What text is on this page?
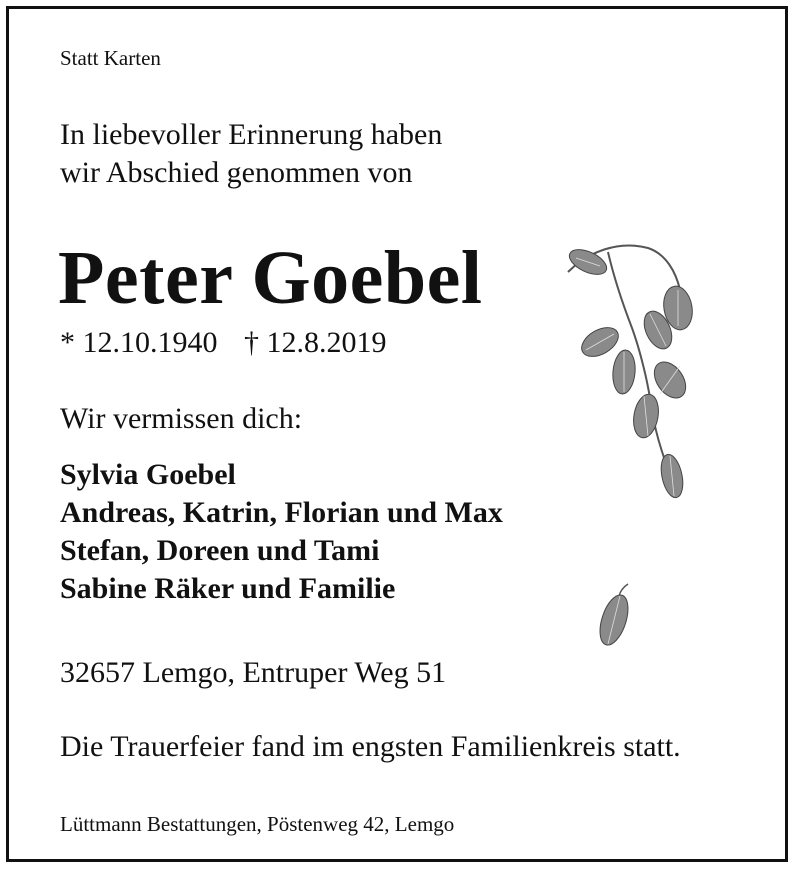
Statt Karten
In liebevoller Erinnerung haben
wir Abschied genommen von
Peter Goebel
* 12.10.1940 † 12.8.2019
Wir vermissen dich:
Sylvia Goebel
Andreas, Katrin, Florian und Max
Stefan, Doreen und Tami
Sabine Räker und Familie
32657 Lemgo, Entruper Weg 51
Die Trauerfeier fand im engsten Familienkreis statt.
Lüttmann Bestattungen, Pöstenweg 42, Lemgo
